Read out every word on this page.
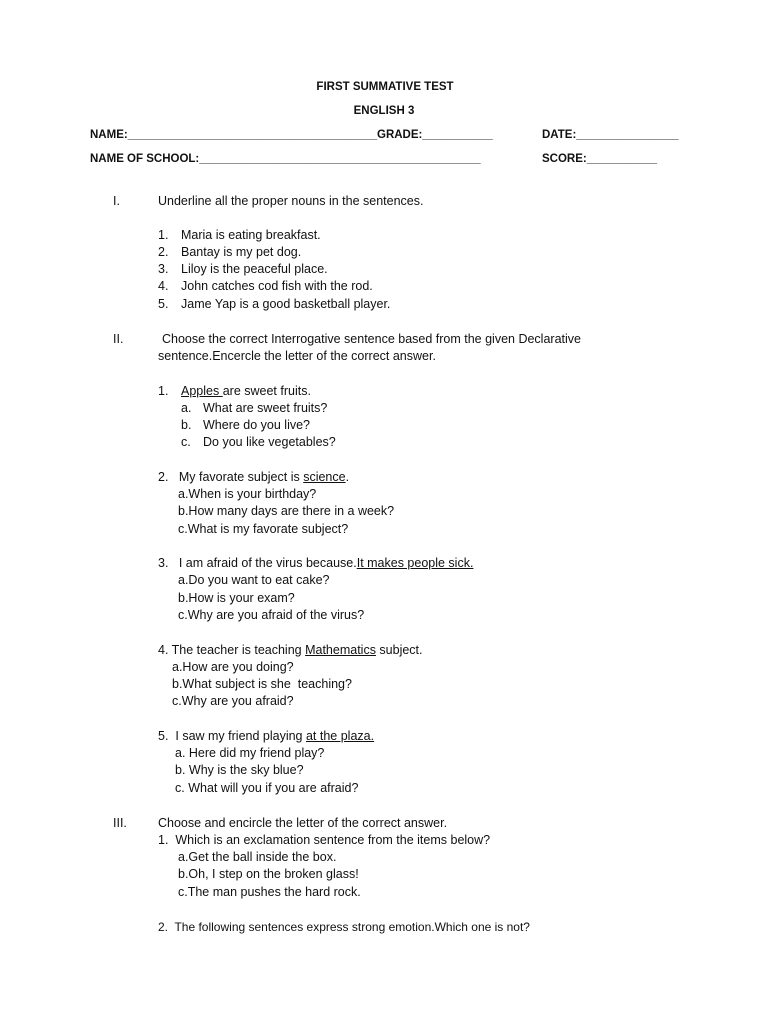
FIRST SUMMATIVE TEST
ENGLISH 3
NAME:_______________________________________ GRADE:___________	DATE:________________
NAME OF SCHOOL:____________________________________________	SCORE:___________
I.	Underline all the proper nouns in the sentences.
1. Maria is eating breakfast.
2. Bantay is my pet dog.
3. Liloy is the peaceful place.
4. John catches cod fish with the rod.
5. Jame Yap is a good basketball player.
II.	Choose the correct Interrogative sentence based from the given Declarative
sentence.Encercle the letter of the correct answer.
1. Apples are sweet fruits.
a. What are sweet fruits?
b. Where do you live?
c. Do you like vegetables?
2.   My favorate subject is science.
a.When is your birthday?
b.How many days are there in a week?
c.What is my favorate subject?
3.   I am afraid of the virus because.It makes people sick.
a.Do you want to eat cake?
b.How is your exam?
c.Why are you afraid of the virus?
4. The teacher is teaching Mathematics subject.
a.How are you doing?
b.What subject is she  teaching?
c.Why are you afraid?
5.  I saw my friend playing at the plaza.
a. Here did my friend play?
b. Why is the sky blue?
c. What will you if you are afraid?
III. Choose and encircle the letter of the correct answer.
1.  Which is an exclamation sentence from the items below?
a.Get the ball inside the box.
b.Oh, I step on the broken glass!
c.The man pushes the hard rock.
2.  The following sentences express strong emotion.Which one is not?
